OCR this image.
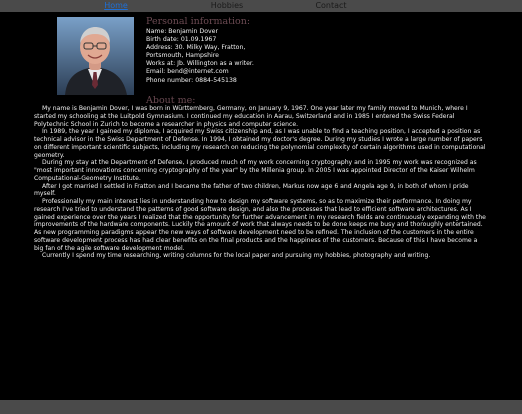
Home	Hobbies	Contact
Personal information:
Name: Benjamin Dover
Birth date: 01.09.1967
Address: 30. Milky Way, Fratton,
Portsmouth, Hampshire
Works at: Jb. Willington as a writer.
Email: bend@internet.com
Phone number: 0884-545138
About me:

My name is Benjamin Dover, I was born in Württemberg, Germany, on January 9, 1967. One year later my family moved to Munich, where I started my schooling at the Luitpold Gymnasium. I continued my education in Aarau, Switzerland and in 1985 I entered the Swiss Federal Polytechnic School in Zurich to become a researcher in physics and computer science.

In 1989, the year I gained my diploma, I acquired my Swiss citizenship and, as I was unable to find a teaching position, I accepted a position as technical advisor in the Swiss Department of Defense. In 1994, I obtained my doctor's degree. During my studies I wrote a large number of papers on different important scientific subjects, including my research on reducing the polynomial complexity of certain algorithms used in computational geometry.

During my stay at the Department of Defense, I produced much of my work concerning cryptography and in 1995 my work was recognized as "most important innovations concerning cryptography of the year" by the Millenia group. In 2005 I was appointed Director of the Kaiser Wilhelm Computational-Geometry Institute.

After I got married I settled in Fratton and I became the father of two children, Markus now age 6 and Angela age 9, in both of whom I pride myself.

Professionally my main interest lies in understanding how to design my software systems, so as to maximize their performance. In doing my research I've tried to understand the patterns of good software design, and also the processes that lead to efficient software architectures. As I gained experience over the years I realized that the opportunity for further advancement in my research fields are continuously expanding with the improvements of the hardware components. Luckily the amount of work that always needs to be done keeps me busy and thoroughly entertained. As new programming paradigms appear the new ways of software development need to be refined. The inclusion of the customers in the entire software development process has had clear benefits on the final products and the happiness of the customers. Because of this I have become a big fan of the agile software development model.

Currently I spend my time researching, writing columns for the local paper and pursuing my hobbies, photography and writing.
